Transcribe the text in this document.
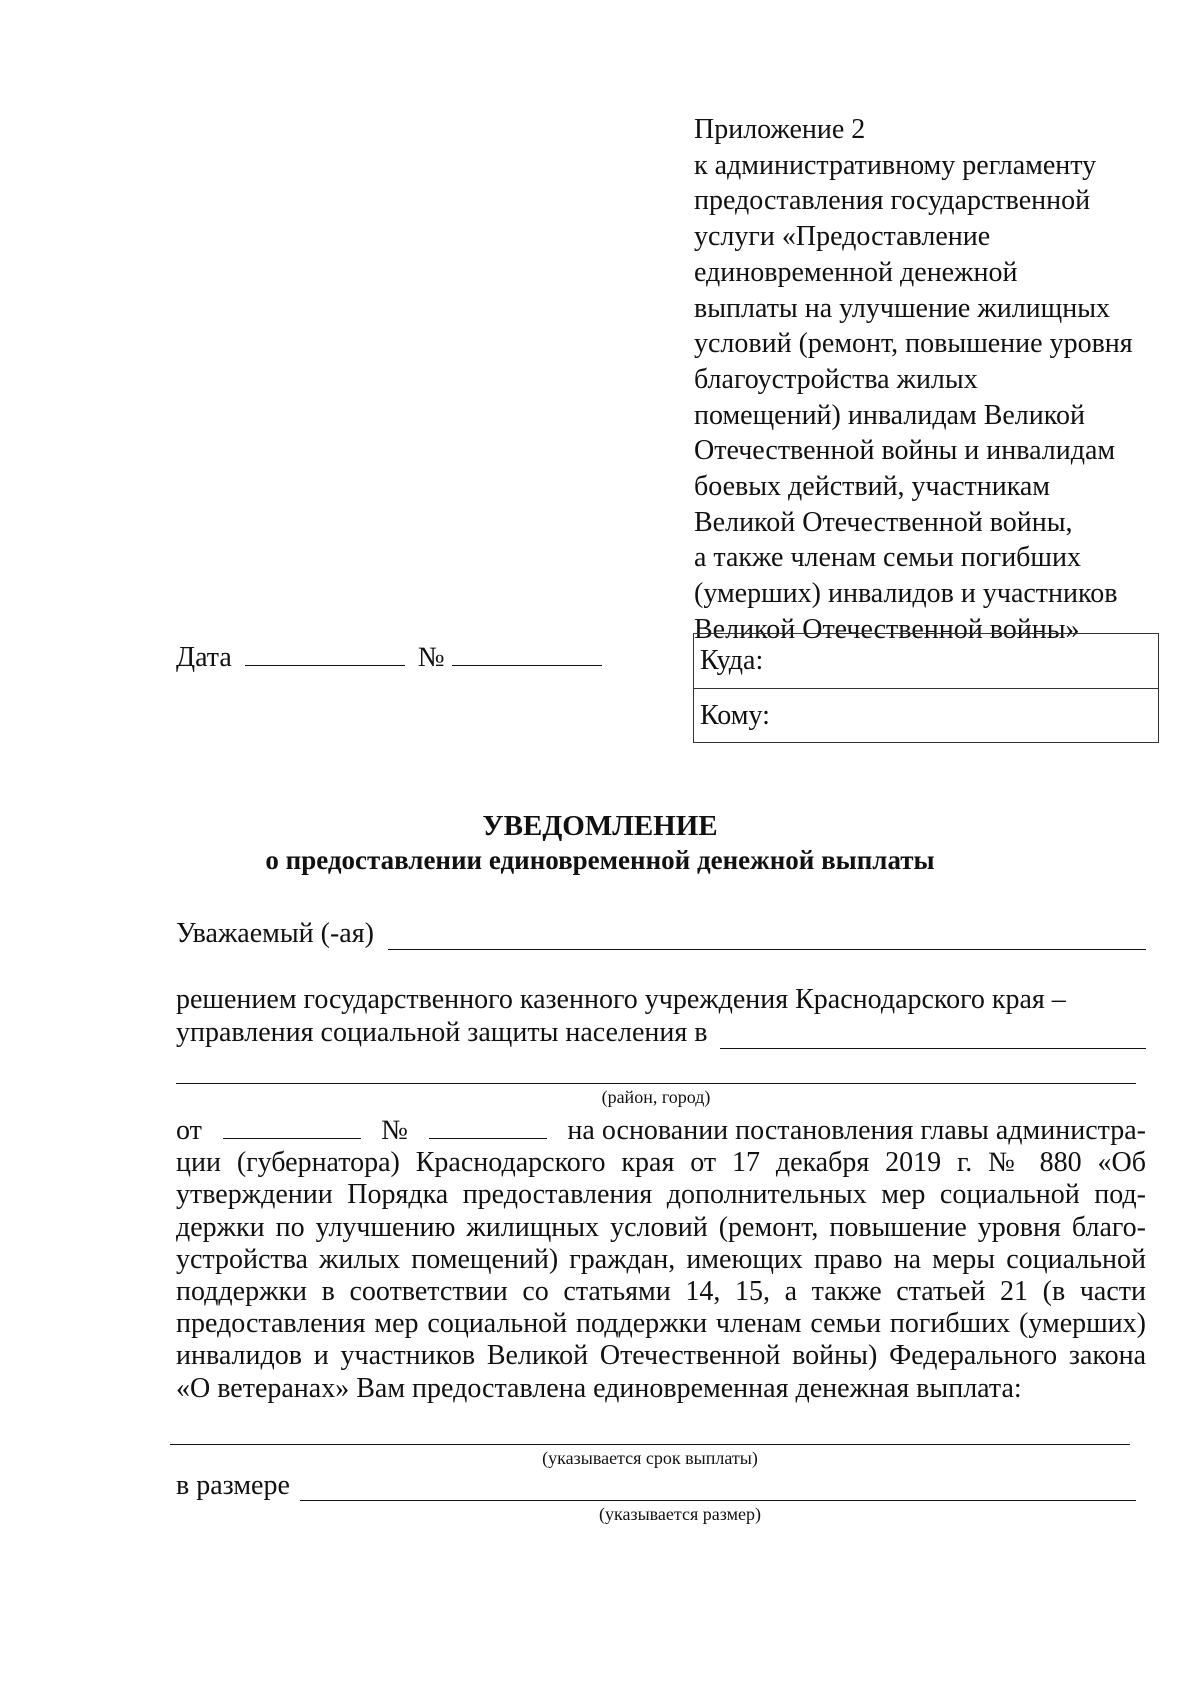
Приложение 2
к административному регламенту
предоставления государственной
услуги «Предоставление
единовременной денежной
выплаты на улучшение жилищных
условий (ремонт, повышение уровня
благоустройства жилых
помещений) инвалидам Великой
Отечественной войны и инвалидам
боевых действий, участникам
Великой Отечественной войны,
а также членам семьи погибших
(умерших) инвалидов и участников
Великой Отечественной войны»
Дата	№	Куда:
Кому:
УВЕДОМЛЕНИЕ
о предоставлении единовременной денежной выплаты
Уважаемый (-ая)
решением государственного казенного учреждения Краснодарского края –
управления социальной защиты населения в
(район, город)
от	№	на основании постановления главы администра-
ции (губернатора) Краснодарского края от 17 декабря 2019 г. № 880 «Об
утверждении Порядка предоставления дополнительных мер социальной под-
держки по улучшению жилищных условий (ремонт, повышение уровня благо-
устройства жилых помещений) граждан, имеющих право на меры социальной
поддержки в соответствии со статьями 14, 15, а также статьей 21 (в части
предоставления мер социальной поддержки членам семьи погибших (умерших)
инвалидов и участников Великой Отечественной войны) Федерального закона
«О ветеранах» Вам предоставлена единовременная денежная выплата:
(указывается срок выплаты)
в размере
(указывается размер)
